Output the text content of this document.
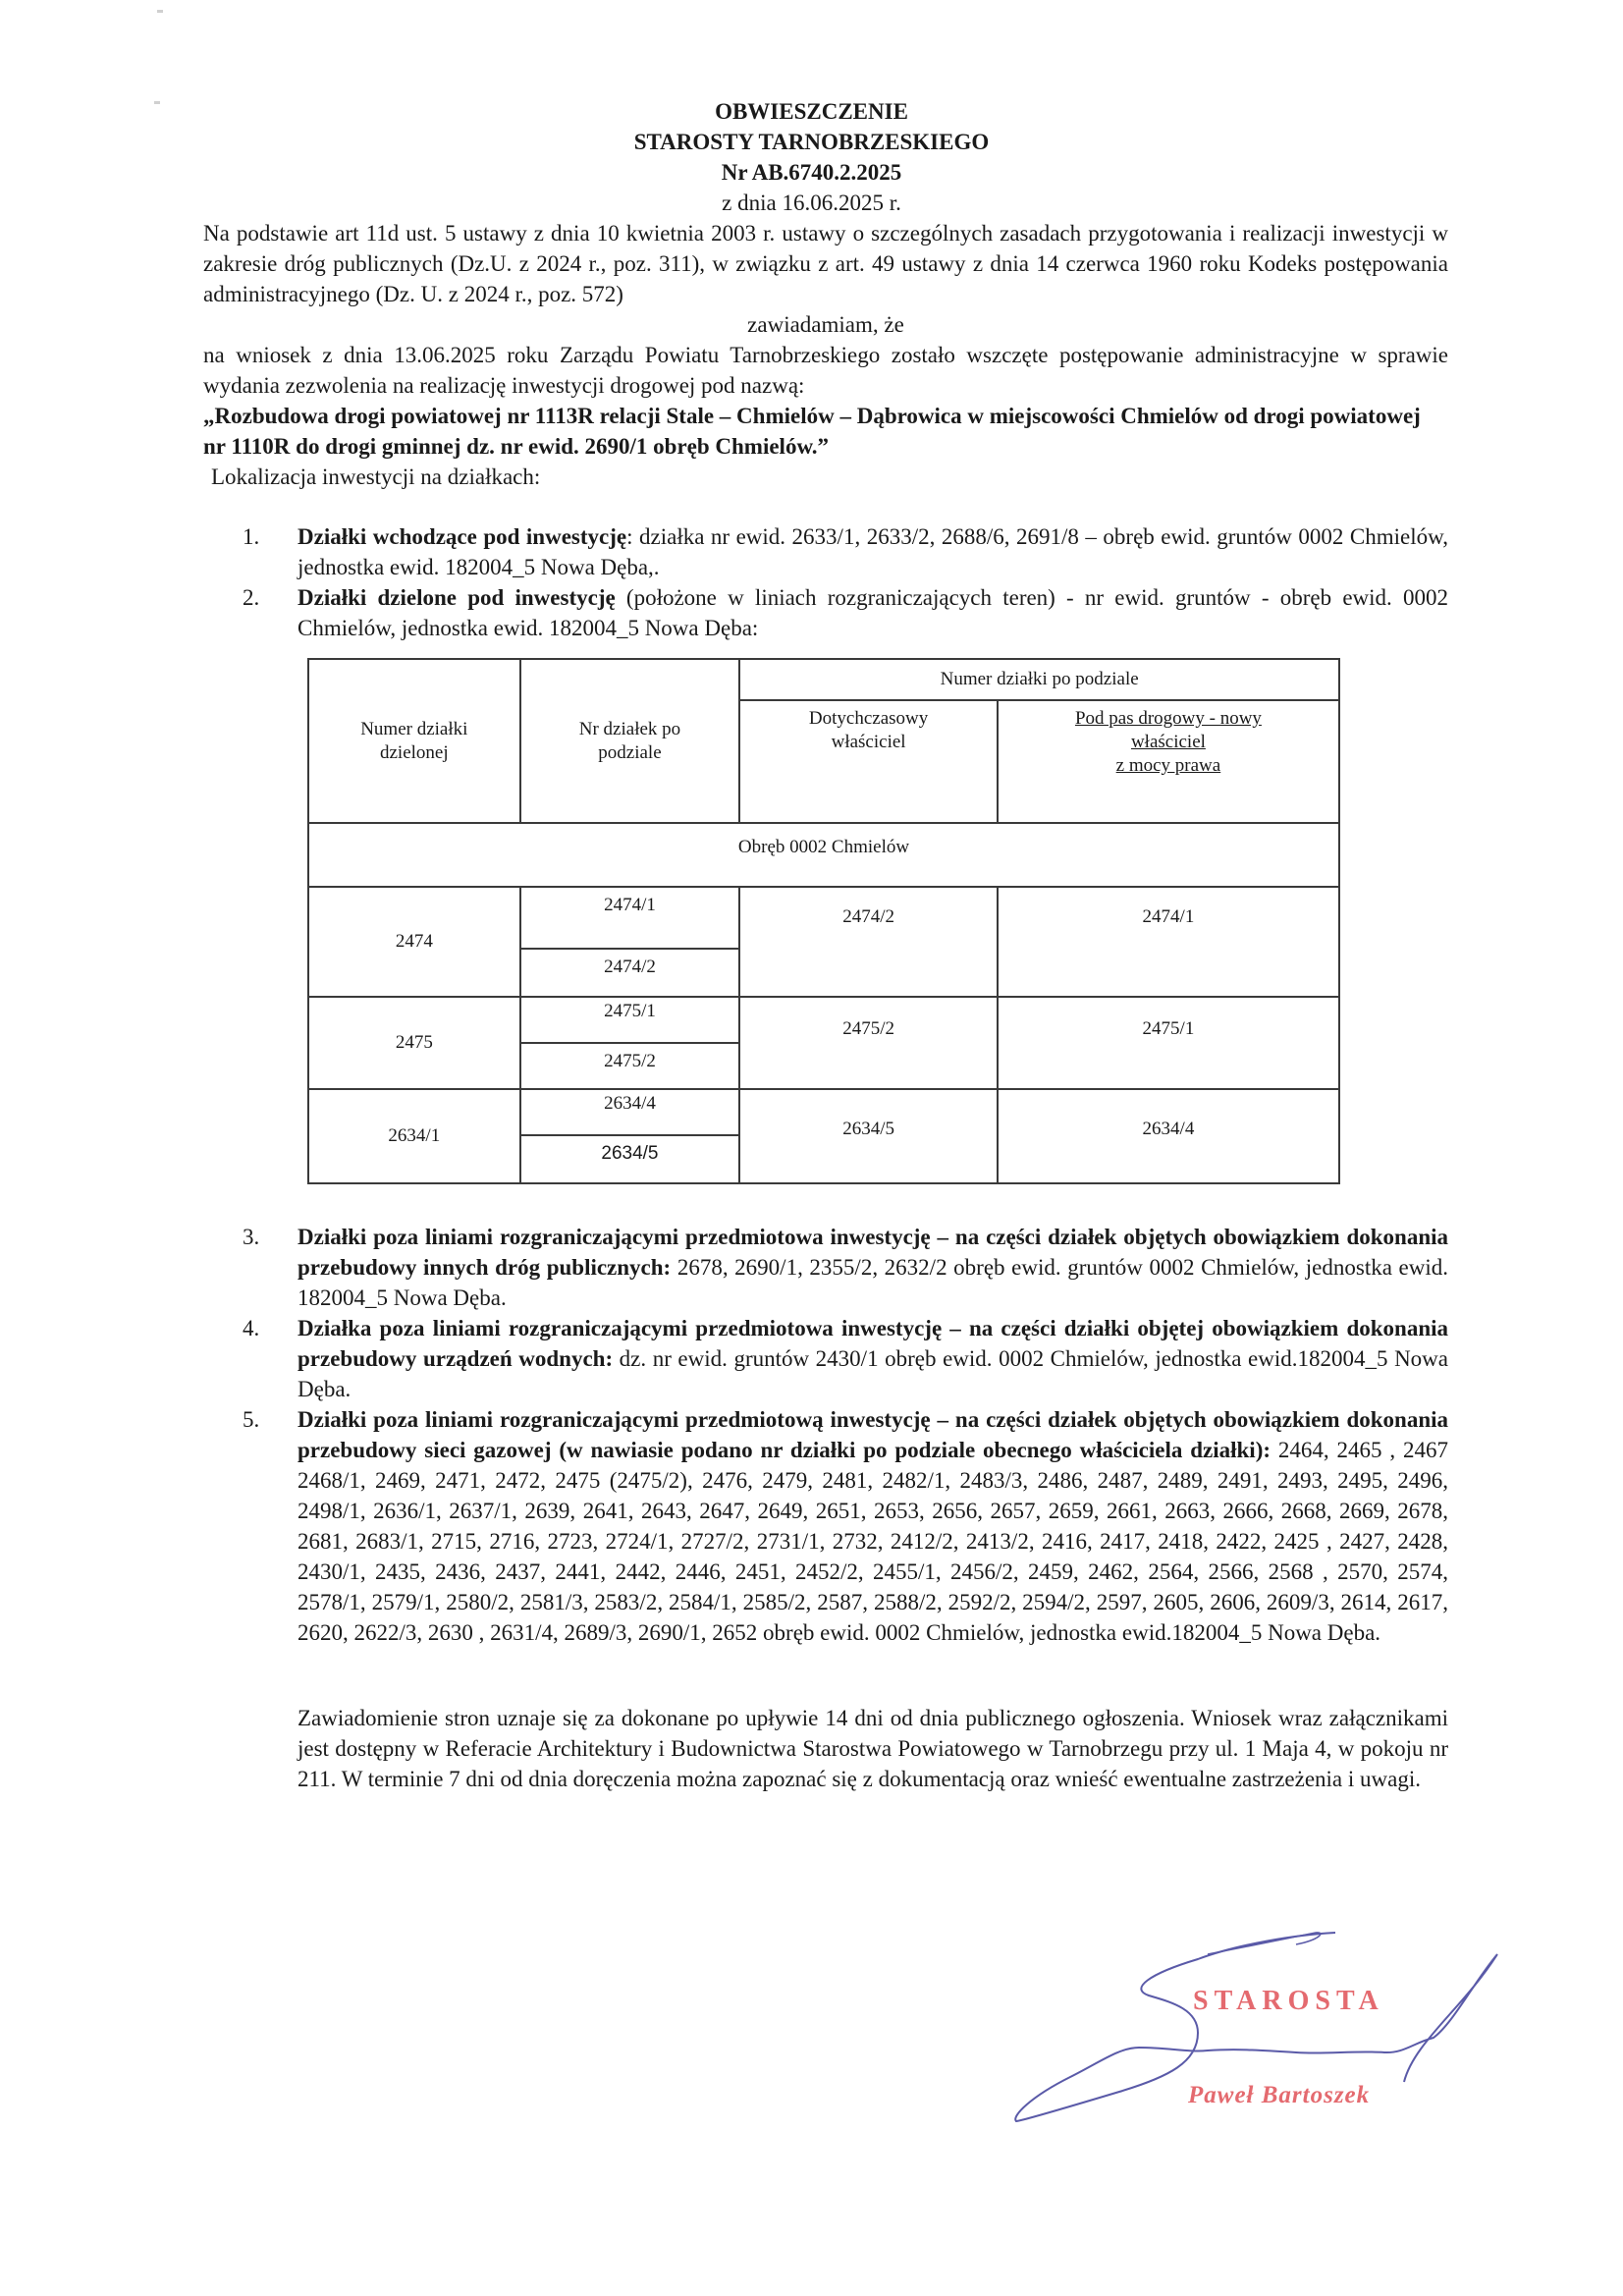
OBWIESZCZENIE
STAROSTY TARNOBRZESKIEGO
Nr AB.6740.2.2025
z dnia 16.06.2025 r.
Na podstawie art 11d ust. 5 ustawy z dnia 10 kwietnia 2003 r. ustawy o szczególnych zasadach przygotowania i realizacji inwestycji w zakresie dróg publicznych (Dz.U. z 2024 r., poz. 311), w związku z art. 49 ustawy z dnia 14 czerwca 1960 roku Kodeks postępowania administracyjnego (Dz. U. z 2024 r., poz. 572)
zawiadamiam, że
na wniosek z dnia 13.06.2025 roku Zarządu Powiatu Tarnobrzeskiego zostało wszczęte postępowanie administracyjne w sprawie wydania zezwolenia na realizację inwestycji drogowej pod nazwą:
„Rozbudowa drogi powiatowej nr 1113R relacji Stale – Chmielów – Dąbrowica w miejscowości Chmielów od drogi powiatowej nr 1110R do drogi gminnej dz. nr ewid. 2690/1 obręb Chmielów.”
Lokalizacja inwestycji na działkach:
1. Działki wchodzące pod inwestycję: działka nr ewid. 2633/1, 2633/2, 2688/6, 2691/8 – obręb ewid. gruntów 0002 Chmielów, jednostka ewid. 182004_5 Nowa Dęba,.
2. Działki dzielone pod inwestycję (położone w liniach rozgraniczających teren) - nr ewid. gruntów - obręb ewid. 0002 Chmielów, jednostka ewid. 182004_5 Nowa Dęba:
Numer działki dzielonej	Nr działek po podziale	Numer działki po podziale	

		Dotychczasowy właściciel	Pod pas drogowy - nowy
właściciel
z mocy prawa

Obręb 0002 Chmielów			
2474	2474/1	2474/2	2474/1
	2474/2		
2475	2475/1	2475/2	2475/1
	2475/2		
2634/1	2634/4	2634/5	2634/4
	2634/5		
3. Działki poza liniami rozgraniczającymi przedmiotowa inwestycję – na części działek objętych obowiązkiem dokonania przebudowy innych dróg publicznych: 2678, 2690/1, 2355/2, 2632/2 obręb ewid. gruntów 0002 Chmielów, jednostka ewid. 182004_5 Nowa Dęba.
4. Działka poza liniami rozgraniczającymi przedmiotowa inwestycję – na części działki objętej obowiązkiem dokonania przebudowy urządzeń wodnych: dz. nr ewid. gruntów 2430/1 obręb ewid. 0002 Chmielów, jednostka ewid.182004_5 Nowa Dęba.
5. Działki poza liniami rozgraniczającymi przedmiotową inwestycję – na części działek objętych obowiązkiem dokonania przebudowy sieci gazowej (w nawiasie podano nr działki po podziale obecnego właściciela działki): 2464, 2465 , 2467 2468/1, 2469, 2471, 2472, 2475 (2475/2), 2476, 2479, 2481, 2482/1, 2483/3, 2486, 2487, 2489, 2491, 2493, 2495, 2496, 2498/1, 2636/1, 2637/1, 2639, 2641, 2643, 2647, 2649, 2651, 2653, 2656, 2657, 2659, 2661, 2663, 2666, 2668, 2669, 2678, 2681, 2683/1, 2715, 2716, 2723, 2724/1, 2727/2, 2731/1, 2732, 2412/2, 2413/2, 2416, 2417, 2418, 2422, 2425 , 2427, 2428, 2430/1, 2435, 2436, 2437, 2441, 2442, 2446, 2451, 2452/2, 2455/1, 2456/2, 2459, 2462, 2564, 2566, 2568 , 2570, 2574, 2578/1, 2579/1, 2580/2, 2581/3, 2583/2, 2584/1, 2585/2, 2587, 2588/2, 2592/2, 2594/2, 2597, 2605, 2606, 2609/3, 2614, 2617, 2620, 2622/3, 2630 , 2631/4, 2689/3, 2690/1, 2652 obręb ewid. 0002 Chmielów, jednostka ewid.182004_5 Nowa Dęba.
Zawiadomienie stron uznaje się za dokonane po upływie 14 dni od dnia publicznego ogłoszenia. Wniosek wraz załącznikami jest dostępny w Referacie Architektury i Budownictwa Starostwa Powiatowego w Tarnobrzegu przy ul. 1 Maja 4, w pokoju nr 211. W terminie 7 dni od dnia doręczenia można zapoznać się z dokumentacją oraz wnieść ewentualne zastrzeżenia i uwagi.
STAROSTA
Paweł Bartoszek
